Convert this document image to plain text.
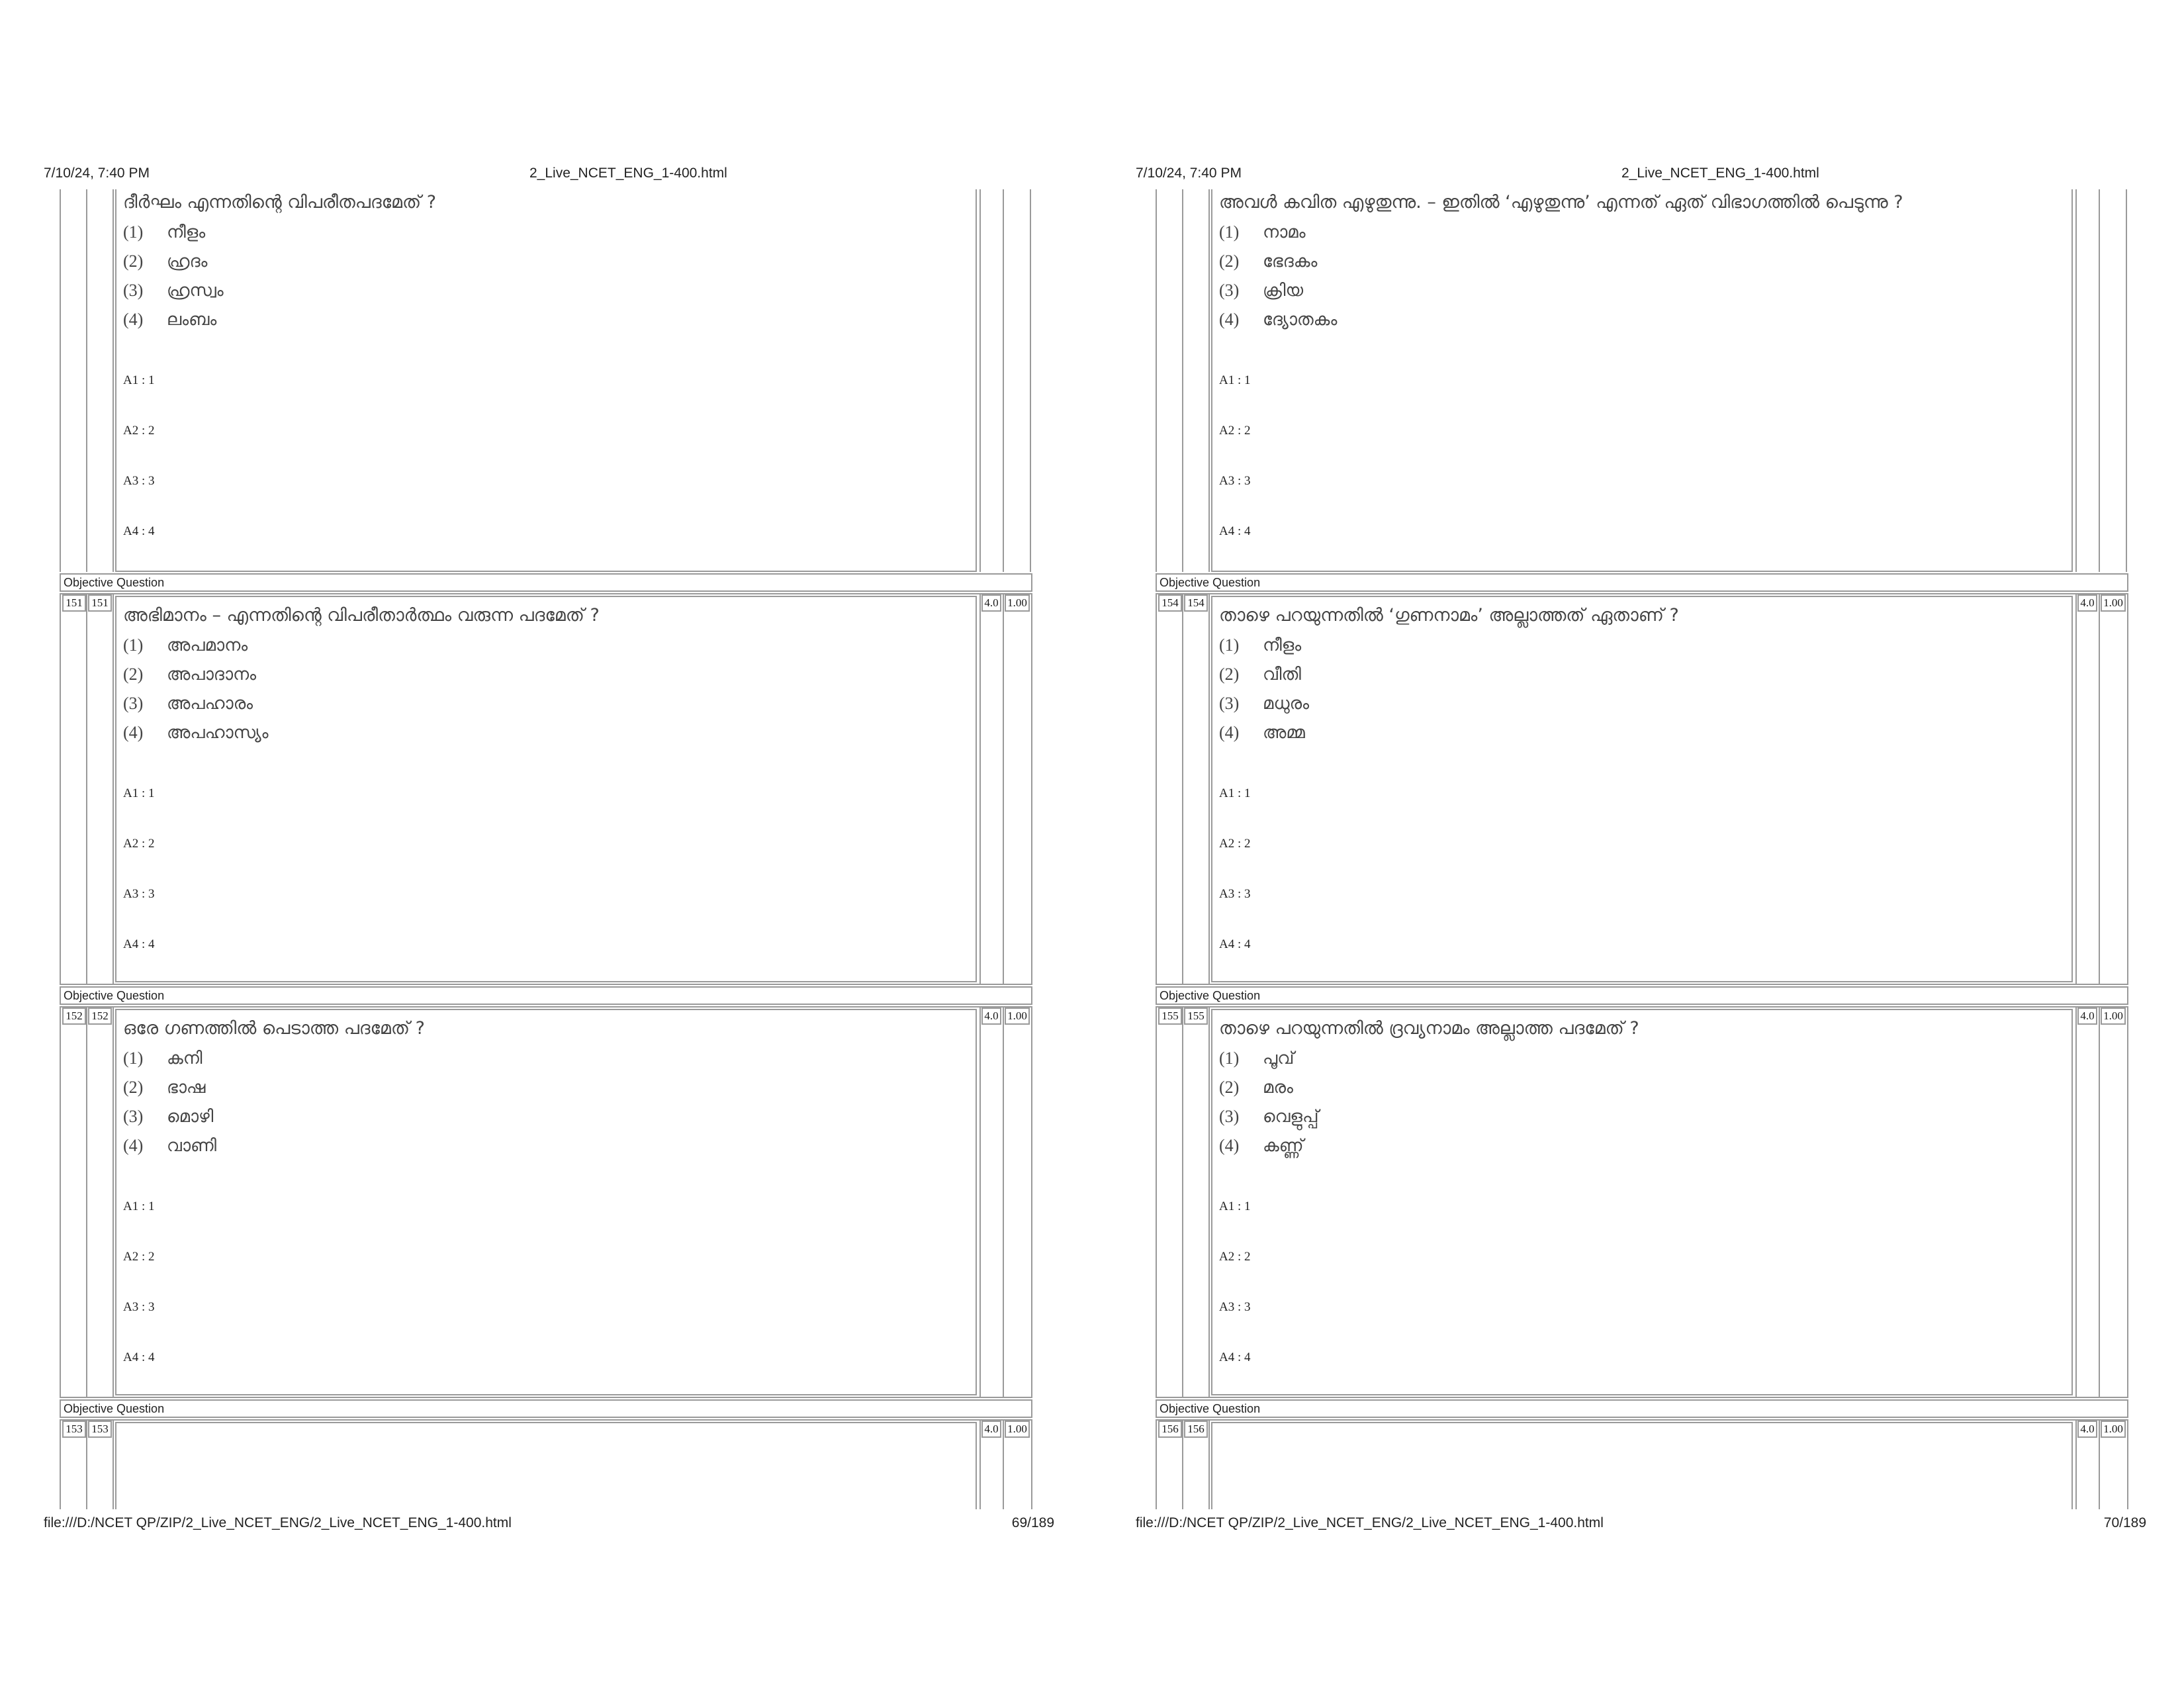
7/10/24, 7:40 PM	2_Live_NCET_ENG_1-400.html
ദീർഘം എന്നതിന്റെ വിപരീതപദമേത് ?
(1) നീളം
(2) ഹ്രദം
(3) ഹ്രസ്വം
(4) ലംബം
A1 : 1
A2 : 2
A3 : 3
A4 : 4
Objective Question
151 151	4.0 1.00
അഭിമാനം – എന്നതിന്റെ വിപരീതാർത്ഥം വരുന്ന പദമേത് ?
(1) അപമാനം
(2) അപാദാനം
(3) അപഹാരം
(4) അപഹാസ്യം
A1 : 1
A2 : 2
A3 : 3
A4 : 4
Objective Question
152 152	4.0 1.00
ഒരേ ഗണത്തിൽ പെടാത്ത പദമേത് ?
(1) കനി
(2) ഭാഷ
(3) മൊഴി
(4) വാണി
A1 : 1
A2 : 2
A3 : 3
A4 : 4
Objective Question
153 153	4.0 1.00
file:///D:/NCET QP/ZIP/2_Live_NCET_ENG/2_Live_NCET_ENG_1-400.html	69/189
7/10/24, 7:40 PM	2_Live_NCET_ENG_1-400.html
അവൾ കവിത എഴുതുന്നു. – ഇതിൽ ‘എഴുതുന്നു’ എന്നത് ഏത് വിഭാഗത്തിൽ പെടുന്നു ?
(1) നാമം
(2) ഭേദകം
(3) ക്രിയ
(4) ദ്യോതകം
A1 : 1
A2 : 2
A3 : 3
A4 : 4
Objective Question
154 154	4.0 1.00
താഴെ പറയുന്നതിൽ ‘ഗുണനാമം’ അല്ലാത്തത് ഏതാണ് ?
(1) നീളം
(2) വീതി
(3) മധുരം
(4) അമ്മ
A1 : 1
A2 : 2
A3 : 3
A4 : 4
Objective Question
155 155	4.0 1.00
താഴെ പറയുന്നതിൽ ദ്രവ്യനാമം അല്ലാത്ത പദമേത് ?
(1) പൂവ്
(2) മരം
(3) വെളുപ്പ്
(4) കണ്ണ്
A1 : 1
A2 : 2
A3 : 3
A4 : 4
Objective Question
156 156	4.0 1.00
file:///D:/NCET QP/ZIP/2_Live_NCET_ENG/2_Live_NCET_ENG_1-400.html	70/189
